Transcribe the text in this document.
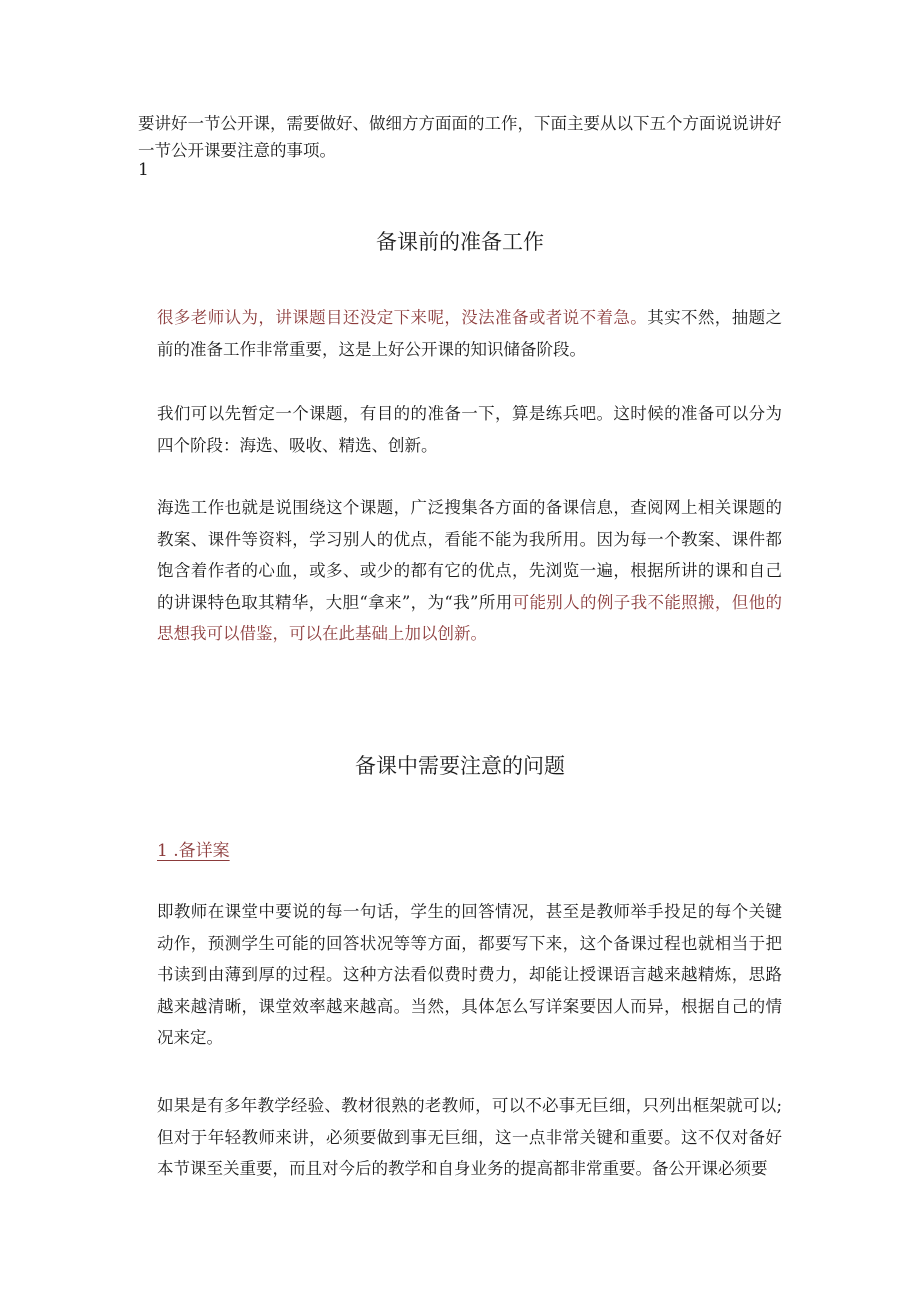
要讲好一节公开课，需要做好、做细方方面面的工作，下面主要从以下五个方面说说讲好一节公开课要注意的事项。

1
备课前的准备工作

很多老师认为，讲课题目还没定下来呢，没法准备或者说不着急。其实不然，抽题之前的准备工作非常重要，这是上好公开课的知识储备阶段。

我们可以先暂定一个课题，有目的的准备一下，算是练兵吧。这时候的准备可以分为四个阶段：海选、吸收、精选、创新。

海选工作也就是说围绕这个课题，广泛搜集各方面的备课信息，查阅网上相关课题的教案、课件等资料，学习别人的优点，看能不能为我所用。因为每一个教案、课件都饱含着作者的心血，或多、或少的都有它的优点，先浏览一遍，根据所讲的课和自己的讲课特色取其精华，大胆“拿来”，为“我”所用可能别人的例子我不能照搬，但他的思想我可以借鉴，可以在此基础上加以创新。

备课中需要注意的问题
1 .备详案

即教师在课堂中要说的每一句话，学生的回答情况，甚至是教师举手投足的每个关键动作，预测学生可能的回答状况等等方面，都要写下来，这个备课过程也就相当于把书读到由薄到厚的过程。这种方法看似费时费力，却能让授课语言越来越精炼，思路越来越清晰，课堂效率越来越高。当然，具体怎么写详案要因人而异，根据自己的情况来定。

如果是有多年教学经验、教材很熟的老教师，可以不必事无巨细，只列出框架就可以;但对于年轻教师来讲，必须要做到事无巨细，这一点非常关键和重要。这不仅对备好本节课至关重要，而且对今后的教学和自身业务的提高都非常重要。备公开课必须要
